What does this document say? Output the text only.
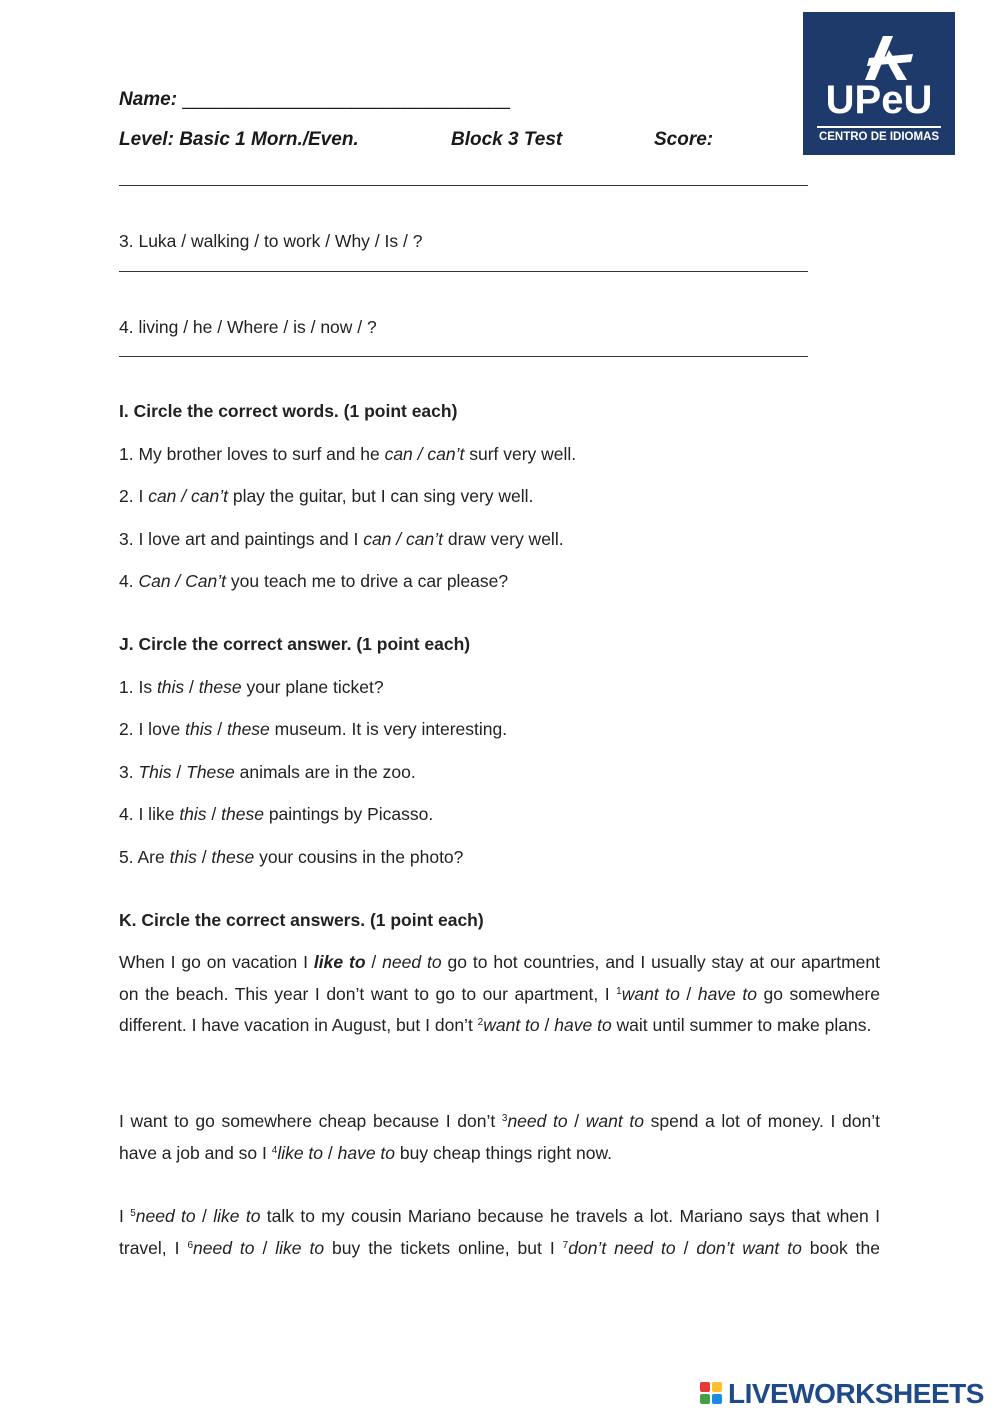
Name: _______________________________
Level: Basic 1 Morn./Even.	Block 3 Test	Score:
UPeU
CENTRO DE IDIOMAS
3. Luka / walking / to work / Why / Is / ?
4. living / he / Where / is / now / ?
I. Circle the correct words. (1 point each)
1. My brother loves to surf and he can / can’t surf very well.
2. I can / can’t play the guitar, but I can sing very well.
3. I love art and paintings and I can / can’t draw very well.
4. Can / Can’t you teach me to drive a car please?
J. Circle the correct answer. (1 point each)
1. Is this / these your plane ticket?
2. I love this / these museum. It is very interesting.
3. This / These animals are in the zoo.
4. I like this / these paintings by Picasso.
5. Are this / these your cousins in the photo?
K. Circle the correct answers. (1 point each)
When I go on vacation I like to / need to go to hot countries, and I usually stay at our apartment on the beach. This year I don’t want to go to our apartment, I $^1$want to / have to go somewhere different. I have vacation in August, but I don’t $^2$want to / have to wait until summer to make plans.
I want to go somewhere cheap because I don’t $^3$need to / want to spend a lot of money. I don’t have a job and so I $^4$like to / have to buy cheap things right now.
I $^5$need to / like to talk to my cousin Mariano because he travels a lot. Mariano says that when I travel, I $^6$need to / like to buy the tickets online, but I $^7$don’t need to / don’t want to book the
LIVEWORKSHEETS
